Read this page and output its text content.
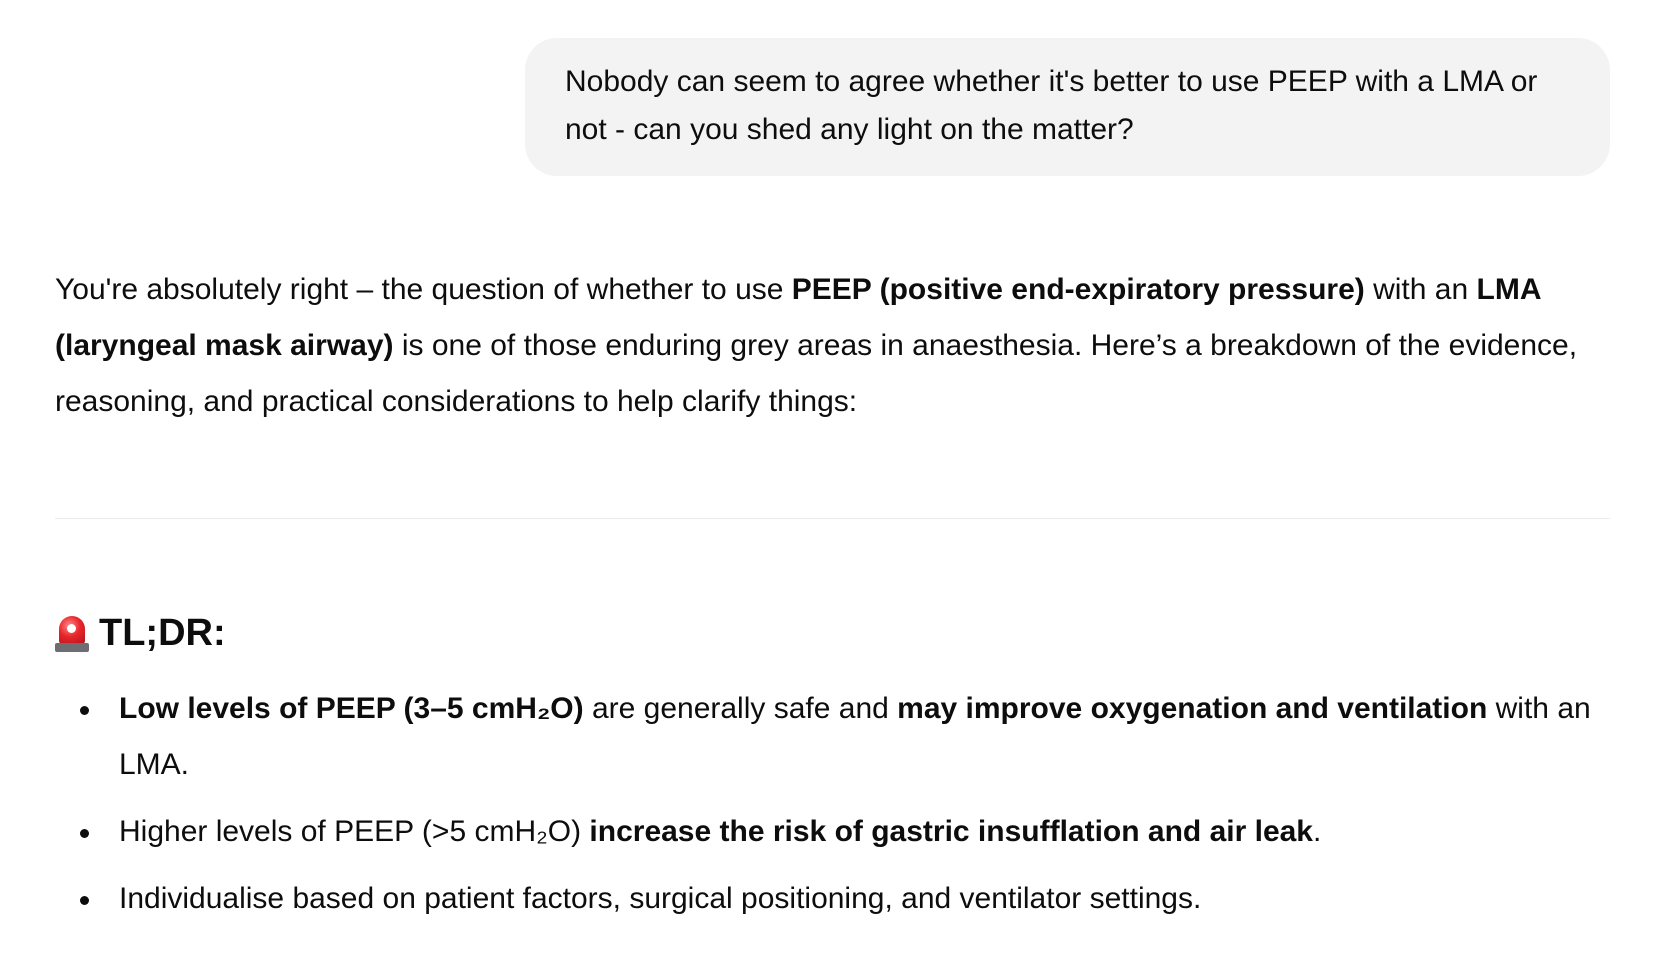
Nobody can seem to agree whether it's better to use PEEP with a LMA or not - can you shed any light on the matter?

You're absolutely right – the question of whether to use PEEP (positive end-expiratory pressure) with an LMA (laryngeal mask airway) is one of those enduring grey areas in anaesthesia. Here’s a breakdown of the evidence, reasoning, and practical considerations to help clarify things:

TL;DR:
Low levels of PEEP (3–5 cmH₂O) are generally safe and may improve oxygenation and ventilation with an LMA.
Higher levels of PEEP (>5 cmH₂O) increase the risk of gastric insufflation and air leak.
Individualise based on patient factors, surgical positioning, and ventilator settings.
